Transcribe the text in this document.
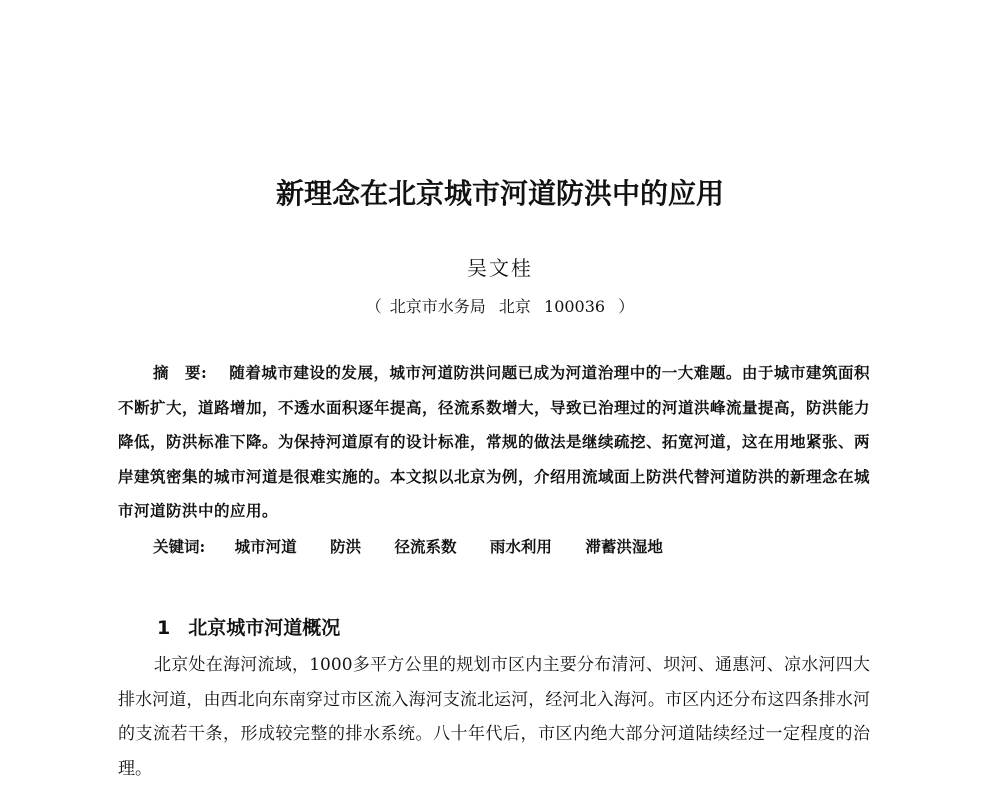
新理念在北京城市河道防洪中的应用
吴文桂
（ 北京市水务局 北京 100036 ）
摘　要: 随着城市建设的发展，城市河道防洪问题已成为河道治理中的一大难题。由于城市建筑面积不断扩大，道路增加，不透水面积逐年提高，径流系数增大，导致已治理过的河道洪峰流量提高，防洪能力降低，防洪标准下降。为保持河道原有的设计标准，常规的做法是继续疏挖、拓宽河道，这在用地紧张、两岸建筑密集的城市河道是很难实施的。本文拟以北京为例，介绍用流域面上防洪代替河道防洪的新理念在城市河道防洪中的应用。
关键词: 城市河道 防洪 径流系数 雨水利用 滞蓄洪湿地
1 北京城市河道概况
北京处在海河流域，1000多平方公里的规划市区内主要分布清河、坝河、通惠河、凉水河四大排水河道，由西北向东南穿过市区流入海河支流北运河，经河北入海河。市区内还分布这四条排水河的支流若干条，形成较完整的排水系统。八十年代后，市区内绝大部分河道陆续经过一定程度的治理。
